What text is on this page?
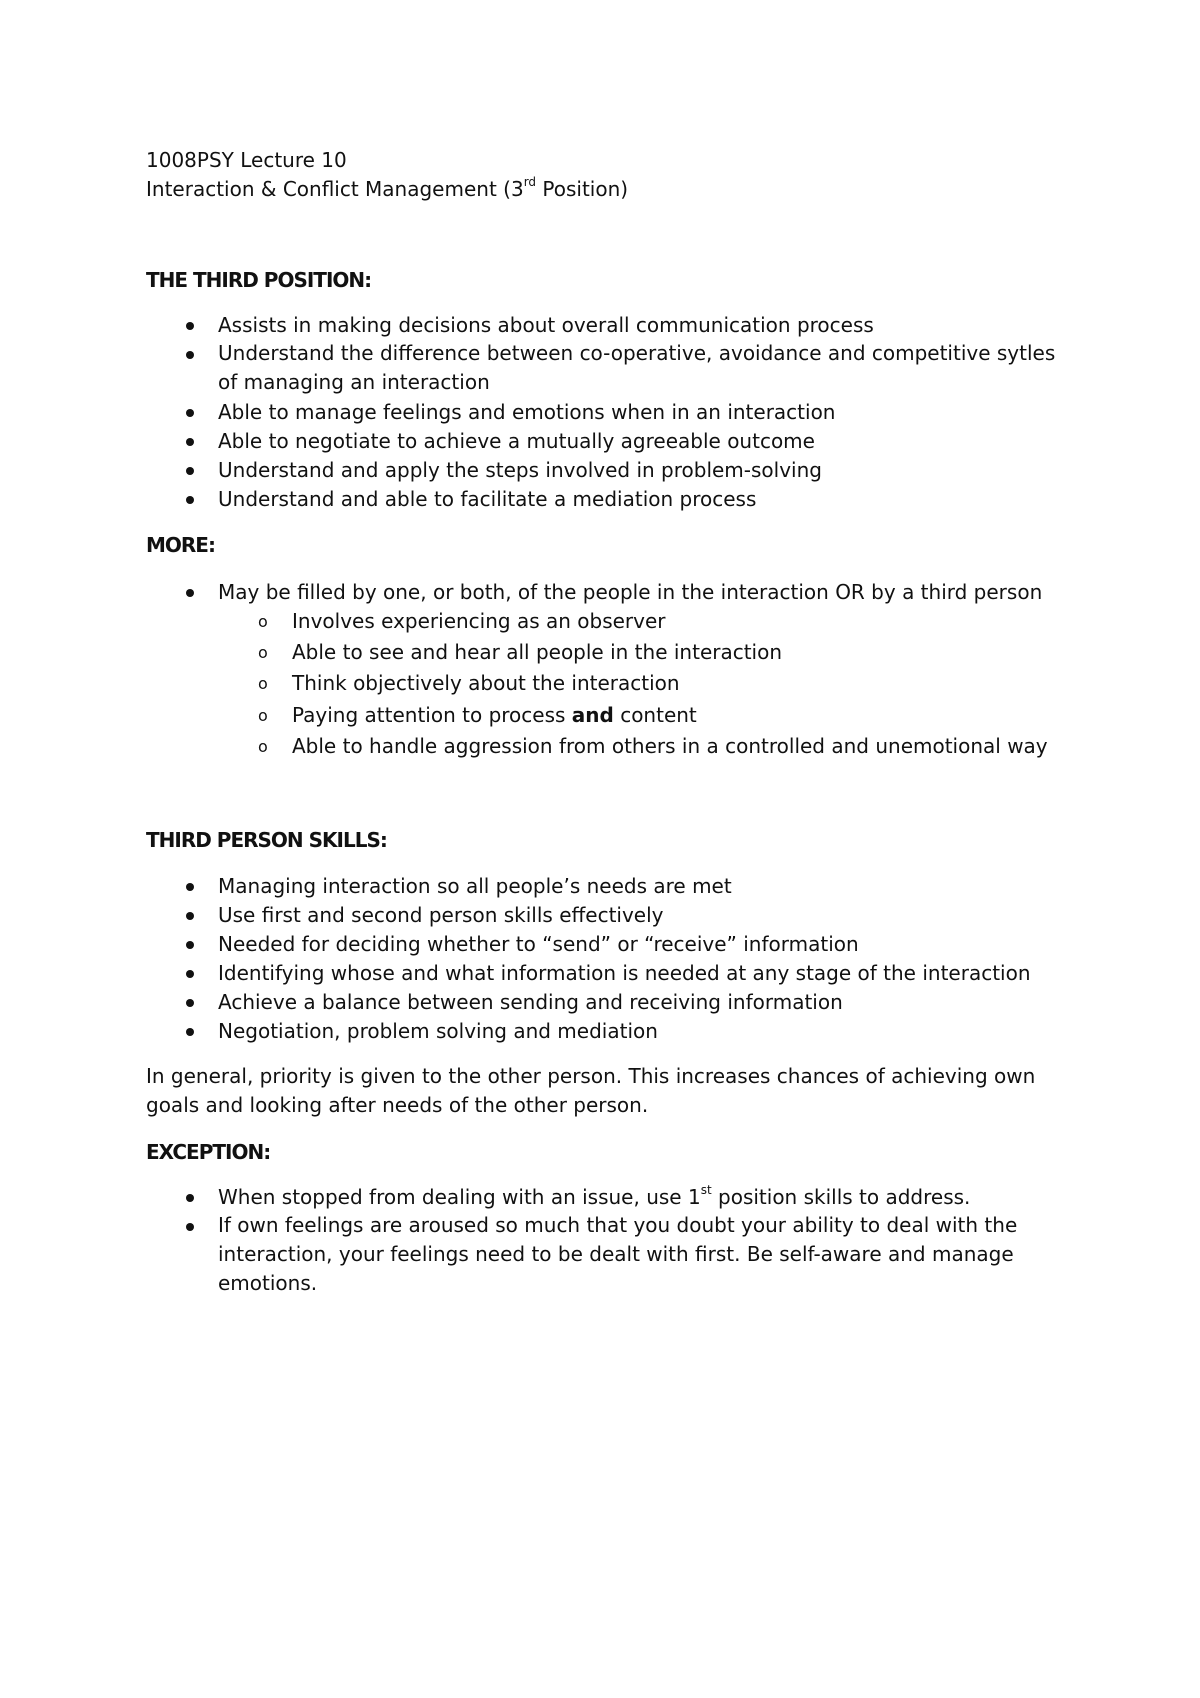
1008PSY Lecture 10
Interaction & Conflict Management (3rd Position)
THE THIRD POSITION:
Assists in making decisions about overall communication process
Understand the difference between co-operative, avoidance and competitive sytles of managing an interaction
Able to manage feelings and emotions when in an interaction
Able to negotiate to achieve a mutually agreeable outcome
Understand and apply the steps involved in problem-solving
Understand and able to facilitate a mediation process
MORE:
May be filled by one, or both, of the people in the interaction OR by a third person
o Involves experiencing as an observer
o Able to see and hear all people in the interaction
o Think objectively about the interaction
o Paying attention to process and content
o Able to handle aggression from others in a controlled and unemotional way
THIRD PERSON SKILLS:
Managing interaction so all people’s needs are met
Use first and second person skills effectively
Needed for deciding whether to “send” or “receive” information
Identifying whose and what information is needed at any stage of the interaction
Achieve a balance between sending and receiving information
Negotiation, problem solving and mediation
In general, priority is given to the other person. This increases chances of achieving own goals and looking after needs of the other person.
EXCEPTION:
When stopped from dealing with an issue, use 1st position skills to address.
If own feelings are aroused so much that you doubt your ability to deal with the interaction, your feelings need to be dealt with first. Be self-aware and manage emotions.
